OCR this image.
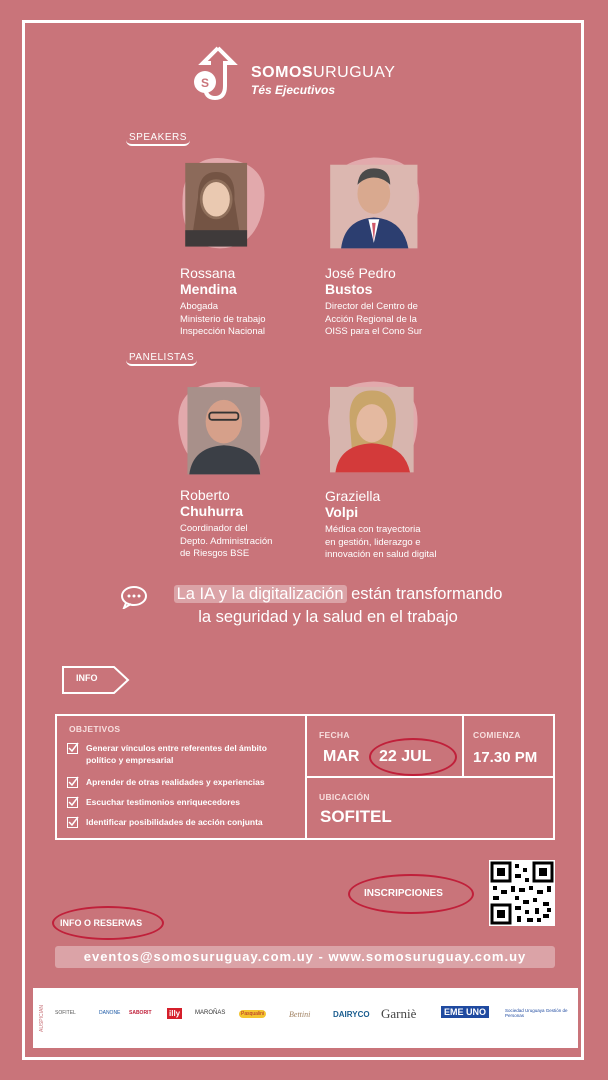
S
SOMOSURUGUAY
Tés Ejecutivos
SPEAKERS
Rossana
Mendina
Abogada
Ministerio de trabajo
Inspección Nacional
José Pedro
Bustos
Director del Centro de
Acción Regional de la
OISS para el Cono Sur
PANELISTAS
Roberto
Chuhurra
Coordinador del
Depto. Administración
de Riesgos BSE
Graziella
Volpi
Médica con trayectoria
en gestión, liderazgo e
innovación en salud digital
La IA y la digitalización están transformando
la seguridad y la salud en el trabajo
INFO
OBJETIVOS
Generar vínculos entre referentes del ámbito político y empresarial
Aprender de otras realidades y experiencias
Escuchar testimonios enriquecedores
Identificar posibilidades de acción conjunta
FECHA
MAR 22 JUL
COMIENZA
17.30 PM
UBICACIÓN
SOFITEL
INSCRIPCIONES
INFO O RESERVAS
eventos@somosuruguay.com.uy - www.somosuruguay.com.uy
AUSPICIAN SOFITEL	DANONE SABORIT illy	MAROÑAS	Pasqualini	Bettini	DAIRYCO Garniè	EME UNO	Sociedad Uruguaya Gestión de Personas
